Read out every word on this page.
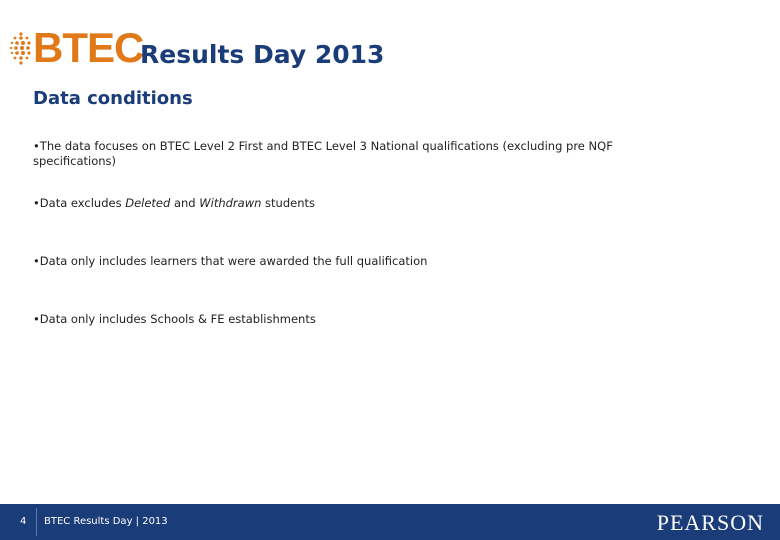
BTEC
Results Day 2013
Data conditions
•The data focuses on BTEC Level 2 First and BTEC Level 3 National qualifications (excluding pre NQF specifications)
•Data excludes Deleted and Withdrawn students
•Data only includes learners that were awarded the full qualification
•Data only includes Schools & FE establishments
4 BTEC Results Day | 2013	PEARSON
